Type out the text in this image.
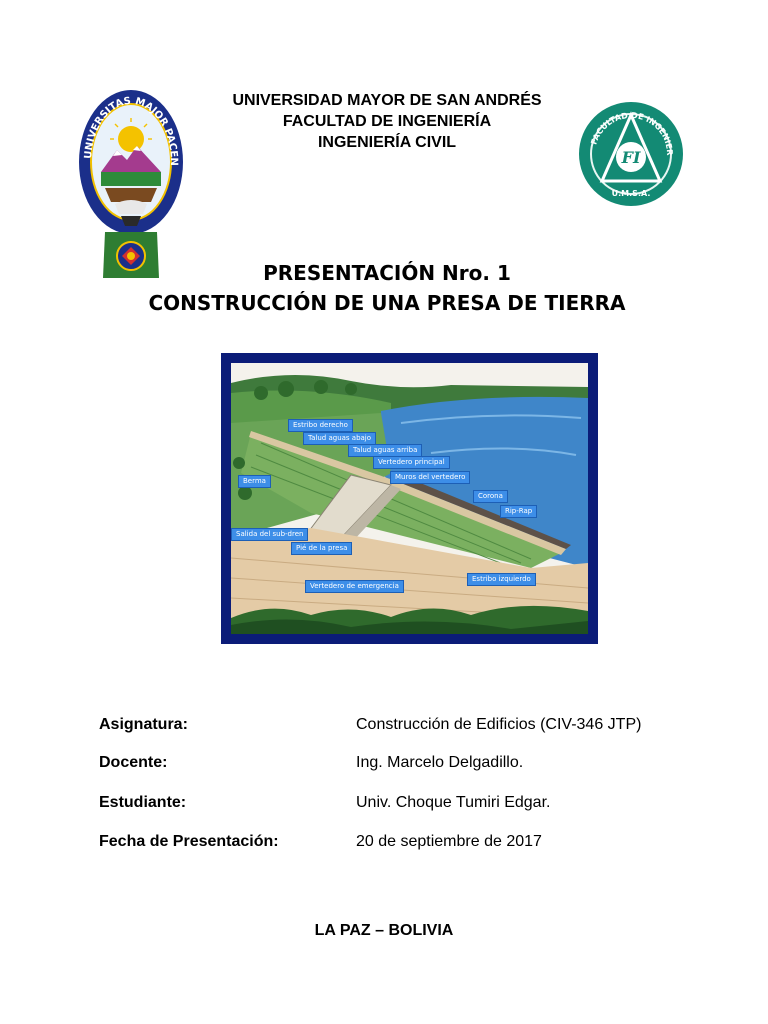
UNIVERSITAS MAJOR PACEN
UNIVERSIDAD MAYOR DE SAN ANDRÉS
FACULTAD DE INGENIERÍA
INGENIERÍA CIVIL	FACULTAD DE INGENIER
FI
U.M.S.A.
PRESENTACIÓN Nro. 1
CONSTRUCCIÓN DE UNA PRESA DE TIERRA
Estribo derecho
Talud aguas abajo
Talud aguas arriba
Vertedero principal
Muros del vertedero
Berma
Corona
Rip-Rap
Salida del sub-dren
Pié de la presa
Estribo izquierdo
Vertedero de emergencia
Asignatura:	Construcción de Edificios (CIV-346 JTP)
Docente:	Ing. Marcelo Delgadillo.
Estudiante:	Univ. Choque Tumiri Edgar.
Fecha de Presentación:	20 de septiembre de 2017
LA PAZ – BOLIVIA
